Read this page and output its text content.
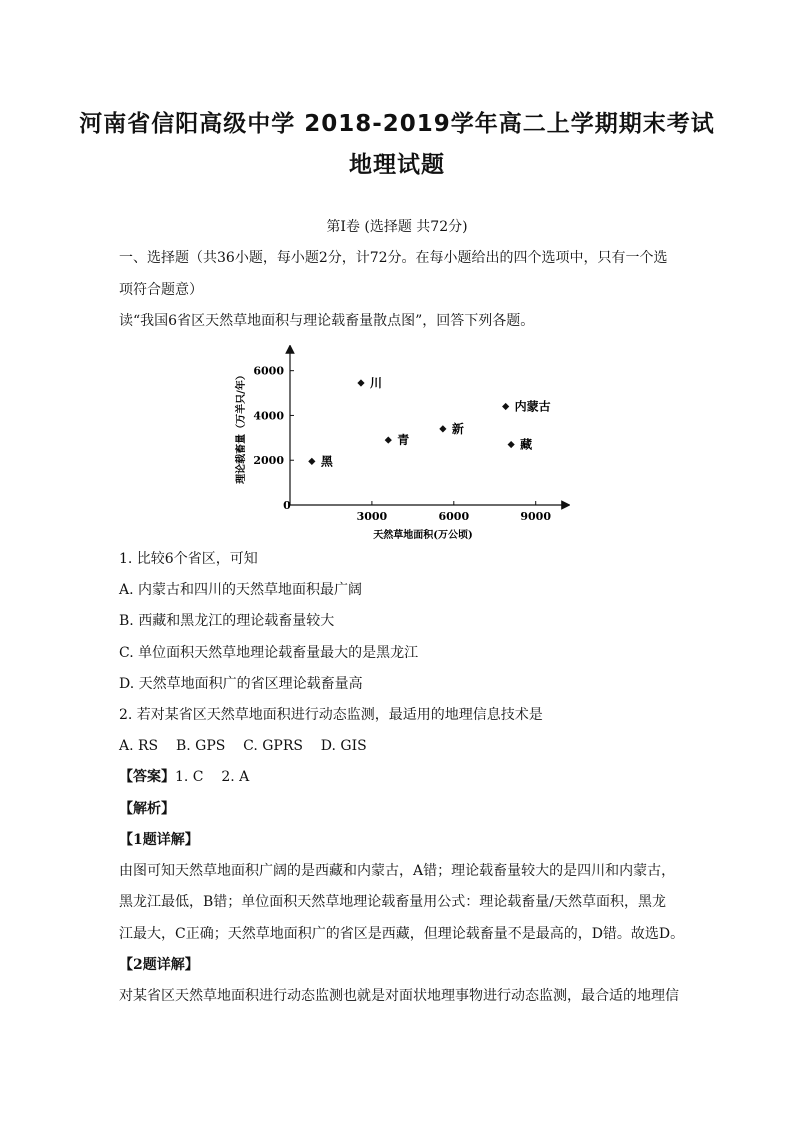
河南省信阳高级中学 2018-2019学年高二上学期期末考试
地理试题
第Ⅰ卷 (选择题 共72分)
一、选择题（共36小题，每小题2分，计72分。在每小题给出的四个选项中，只有一个选
项符合题意）
读“我国6省区天然草地面积与理论载畜量散点图”，回答下列各题。
3000	6000	9000
2000
4000
6000
川
内蒙古
新
青	藏
黑
天然草地面积(万公顷)
理论载畜量（万羊只/年）
0
1. 比较6个省区，可知
A. 内蒙古和四川的天然草地面积最广阔
B. 西藏和黑龙江的理论载畜量较大
C. 单位面积天然草地理论载畜量最大的是黑龙江
D. 天然草地面积广的省区理论载畜量高
2. 若对某省区天然草地面积进行动态监测，最适用的地理信息技术是
A. RS    B. GPS    C. GPRS    D. GIS
【答案】1. C    2. A
【解析】
【1题详解】
由图可知天然草地面积广阔的是西藏和内蒙古，A错；理论载畜量较大的是四川和内蒙古，
黑龙江最低，B错；单位面积天然草地理论载畜量用公式：理论载畜量/天然草面积，黑龙
江最大，C正确；天然草地面积广的省区是西藏，但理论载畜量不是最高的，D错。故选D。
【2题详解】
对某省区天然草地面积进行动态监测也就是对面状地理事物进行动态监测，最合适的地理信
